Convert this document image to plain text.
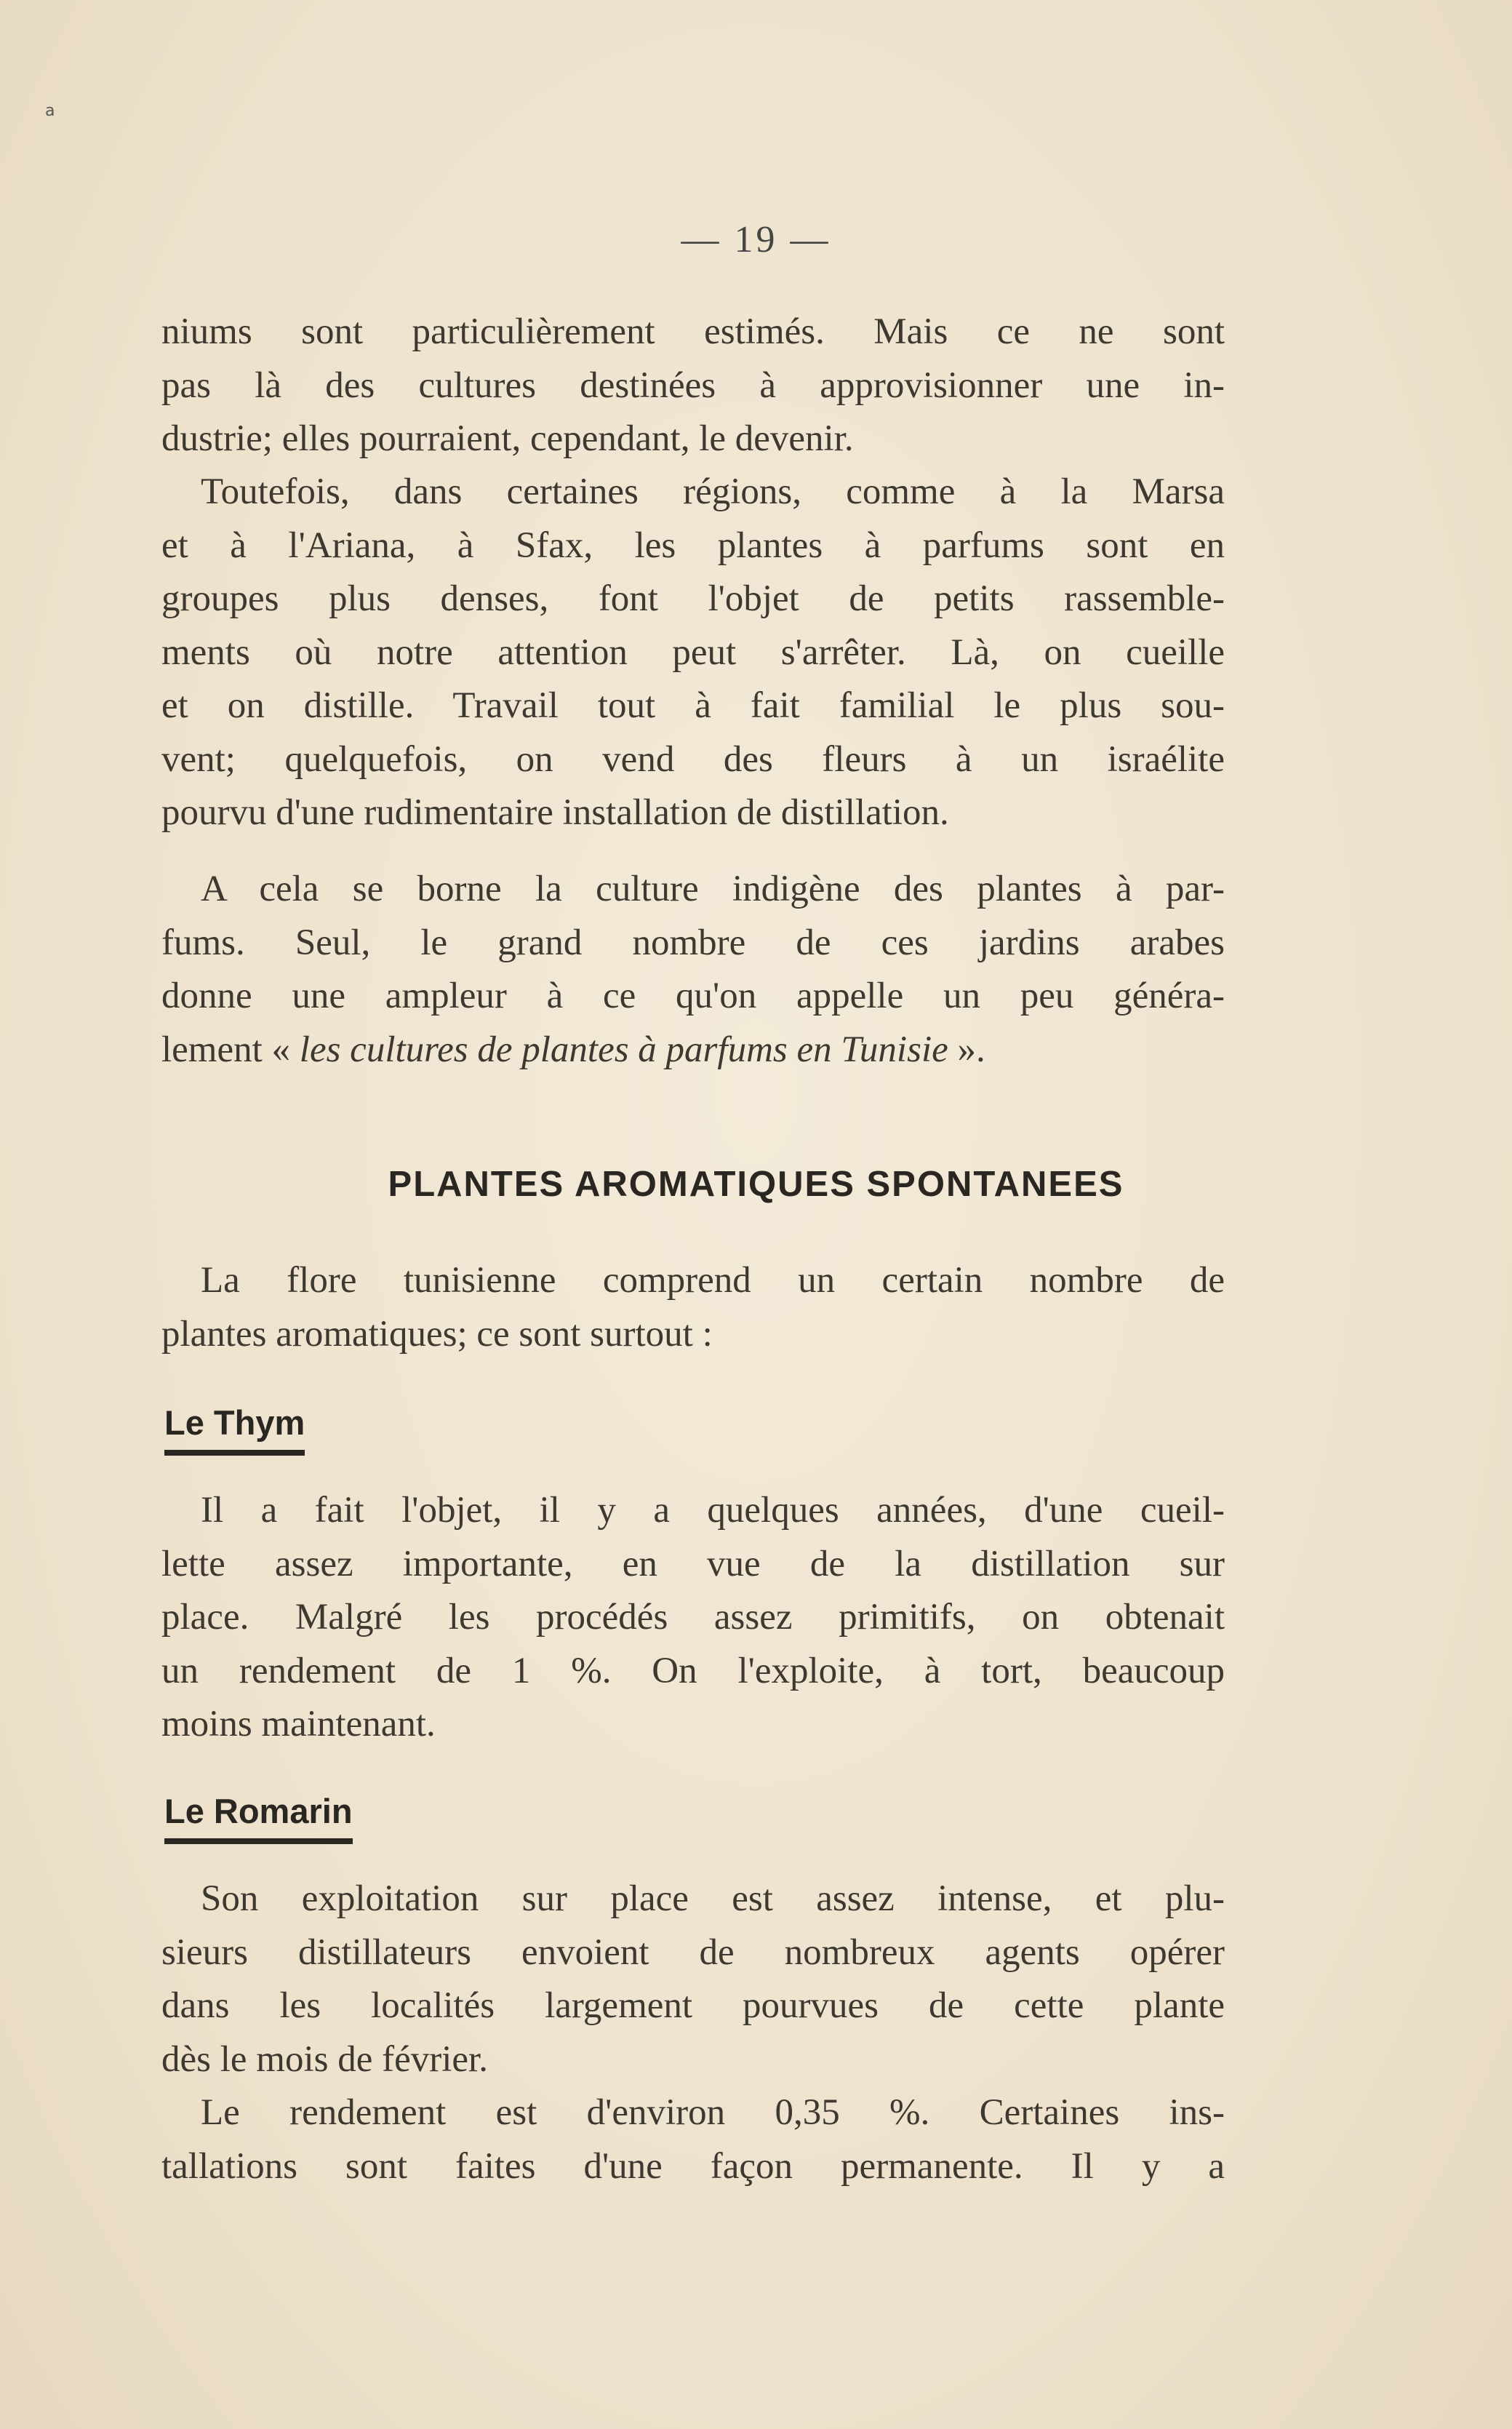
a
— 19 —
niums sont particulièrement estimés. Mais ce ne sont
pas là des cultures destinées à approvisionner une in-
dustrie; elles pourraient, cependant, le devenir.
Toutefois, dans certaines régions, comme à la Marsa
et à l'Ariana, à Sfax, les plantes à parfums sont en
groupes plus denses, font l'objet de petits rassemble-
ments où notre attention peut s'arrêter. Là, on cueille
et on distille. Travail tout à fait familial le plus sou-
vent; quelquefois, on vend des fleurs à un israélite
pourvu d'une rudimentaire installation de distillation.
A cela se borne la culture indigène des plantes à par-
fums. Seul, le grand nombre de ces jardins arabes
donne une ampleur à ce qu'on appelle un peu généra-
lement « les cultures de plantes à parfums en Tunisie ».
PLANTES AROMATIQUES SPONTANEES
La flore tunisienne comprend un certain nombre de
plantes aromatiques; ce sont surtout :
Le Thym
Il a fait l'objet, il y a quelques années, d'une cueil-
lette assez importante, en vue de la distillation sur
place. Malgré les procédés assez primitifs, on obtenait
un rendement de 1 %. On l'exploite, à tort, beaucoup
moins maintenant.
Le Romarin
Son exploitation sur place est assez intense, et plu-
sieurs distillateurs envoient de nombreux agents opérer
dans les localités largement pourvues de cette plante
dès le mois de février.
Le rendement est d'environ 0,35 %. Certaines ins-
tallations sont faites d'une façon permanente. Il y a
